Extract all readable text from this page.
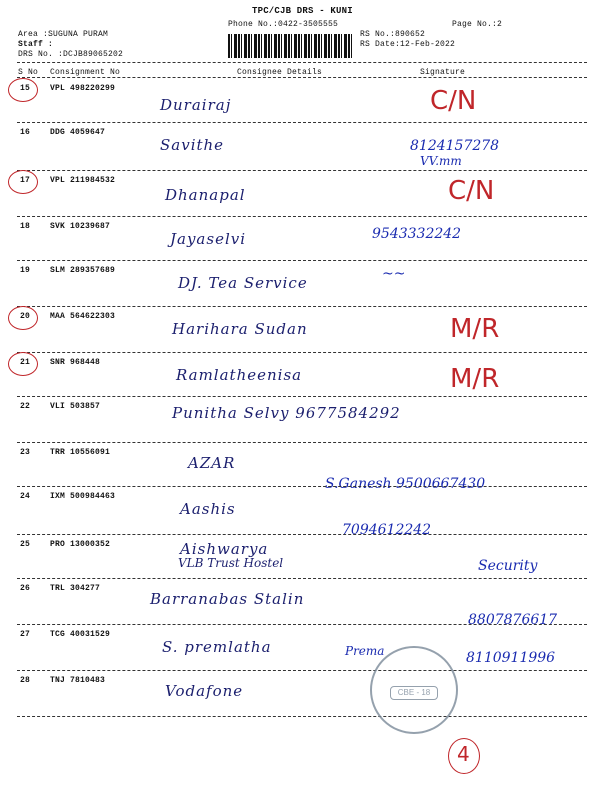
TPC/CJB DRS - KUNI
Phone No.:0422-3505555	Page No.:2
Area :SUGUNA PURAM
Staff :
DRS No. :DCJB89065202
RS No.:890652
RS Date:12-Feb-2022
S No Consignment No	Consignee Details	Signature
15 VPL 498220299
Durairaj	C/N
16 DDG 4059647
Savithe	8124157278
VV.mm
17 VPL 211984532
Dhanapal	C/N
18 SVK 10239687
Jayaselvi	9543332242
19 SLM 289357689
DJ. Tea Service	~~
20 MAA 564622303
Harihara Sudan	M/R
21 SNR 968448
Ramlatheenisa	M/R
22 VLI 503857	Punitha Selvy 9677584292
23 TRR 10556091
AZAR
S.Ganesh 9500667430
24 IXM 500984463
Aashis
7094612242
25 PRO 13000352	Aishwarya
VLB Trust Hostel	Security
26 TRL 304277
Barranabas Stalin
8807876617
27 TCG 40031529
S. premlatha
8110911996
Prema
28 TNJ 7810483
Vodafone	CBE - 18
4
